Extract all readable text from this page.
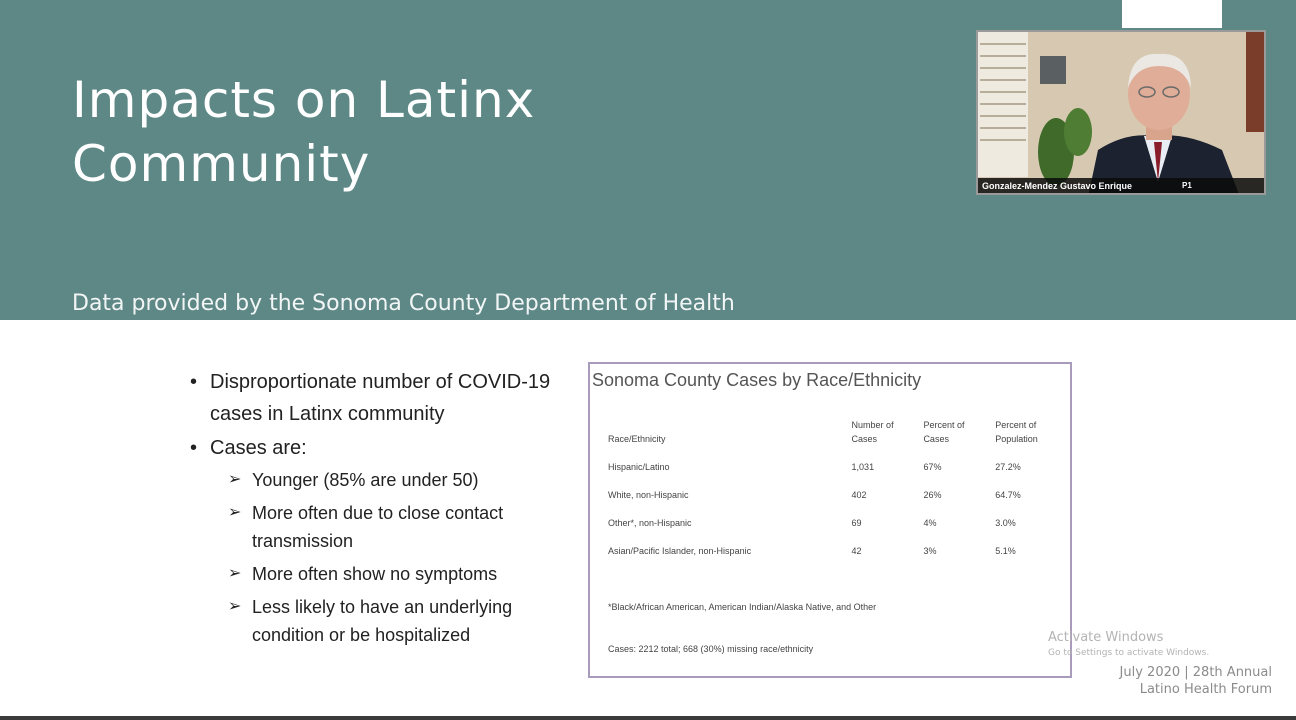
Impacts on Latinx
Community

Data provided by the Sonoma County Department of Health
Services

Gonzalez-Mendez Gustavo Enrique	P1
• Disproportionate number of COVID-19 cases in Latinx community
• Cases are:
➢ Younger (85% are under 50)
➢ More often due to close contact transmission
➢ More often show no symptoms
➢ Less likely to have an underlying condition or be hospitalized
Sonoma County Cases by Race/Ethnicity
Race/Ethnicity	Number of Cases	Percent of Cases	Percent of Population
Hispanic/Latino	1,031	67%	27.2%
White, non-Hispanic	402	26%	64.7%
Other*, non-Hispanic	69	4%	3.0%
Asian/Pacific Islander, non-Hispanic	42	3%	5.1%

*Black/African American, American Indian/Alaska Native, and Other

Cases: 2212 total; 668 (30%) missing race/ethnicity

Activate Windows
Go to Settings to activate Windows.
July 2020 | 28th Annual
Latino Health Forum
